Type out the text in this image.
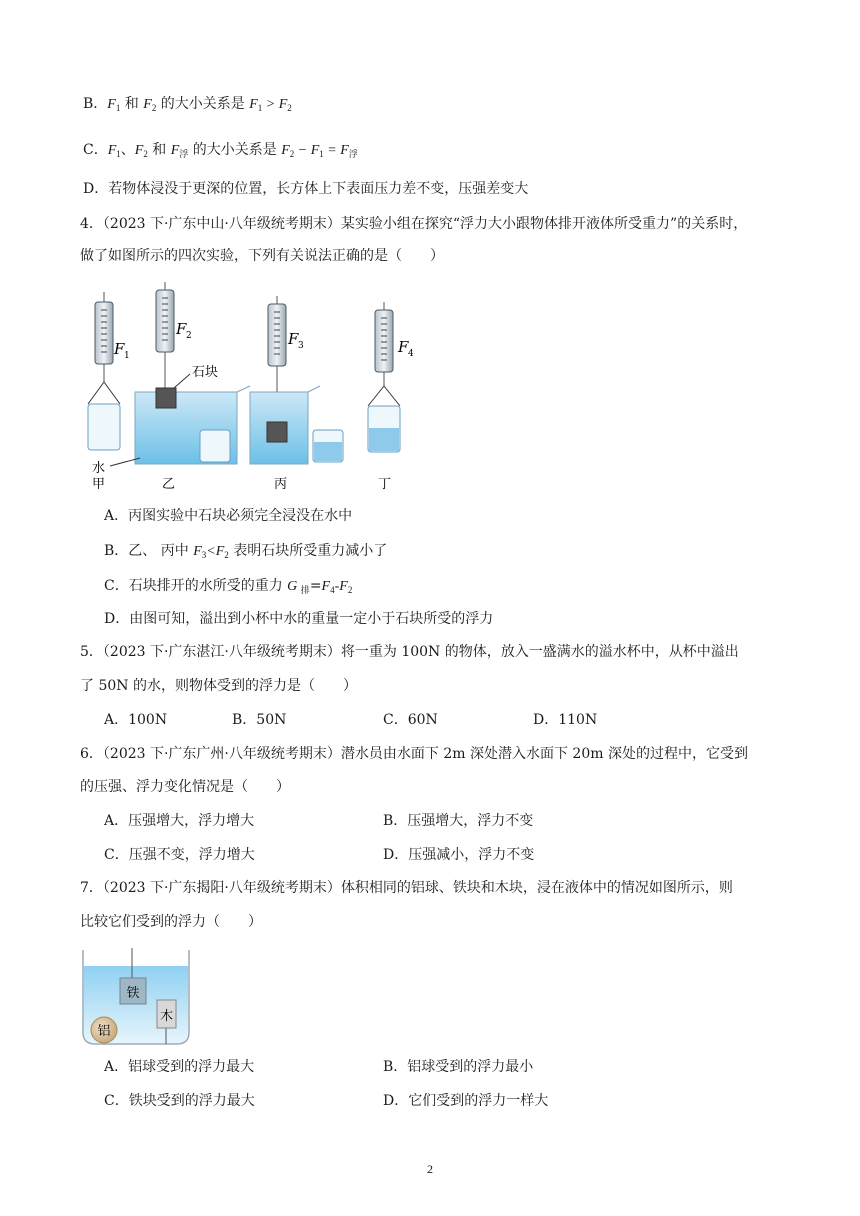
B．$F_1$ 和 $F_2$ 的大小关系是 $F_1 > F_2$
C．$F_1$、$F_2$ 和 $F_浮$ 的大小关系是 $F_2 - F_1 = F_浮$
D．若物体浸没于更深的位置，长方体上下表面压力差不变，压强差变大
4．（2023 下·广东中山·八年级统考期末）某实验小组在探究“浮力大小跟物体排开液体所受重力”的关系时，
做了如图所示的四次实验，下列有关说法正确的是（　　）
F 1
F 2
石块
水
F 3	F 4
甲	乙	丙	丁
A．丙图实验中石块必须完全浸没在水中
B．乙、 丙中 $F_3<F_2$ 表明石块所受重力减小了
C．石块排开的水所受的重力 G $_排=F_4-F_2$
D．由图可知，溢出到小杯中水的重量一定小于石块所受的浮力
5．（2023 下·广东湛江·八年级统考期末）将一重为 100N 的物体，放入一盛满水的溢水杯中，从杯中溢出
了 50N 的水，则物体受到的浮力是（　　）
A．100N	B．50N	C．60N	D．110N
6．（2023 下·广东广州·八年级统考期末）潜水员由水面下 2m 深处潜入水面下 20m 深处的过程中，它受到
的压强、浮力变化情况是（　　）
A．压强增大，浮力增大	B．压强增大，浮力不变
C．压强不变，浮力增大	D．压强减小，浮力不变
7．（2023 下·广东揭阳·八年级统考期末）体积相同的铝球、铁块和木块，浸在液体中的情况如图所示，则
比较它们受到的浮力（　　）
铁
木
铝
A．铝球受到的浮力最大	B．铝球受到的浮力最小
C．铁块受到的浮力最大	D．它们受到的浮力一样大
2
